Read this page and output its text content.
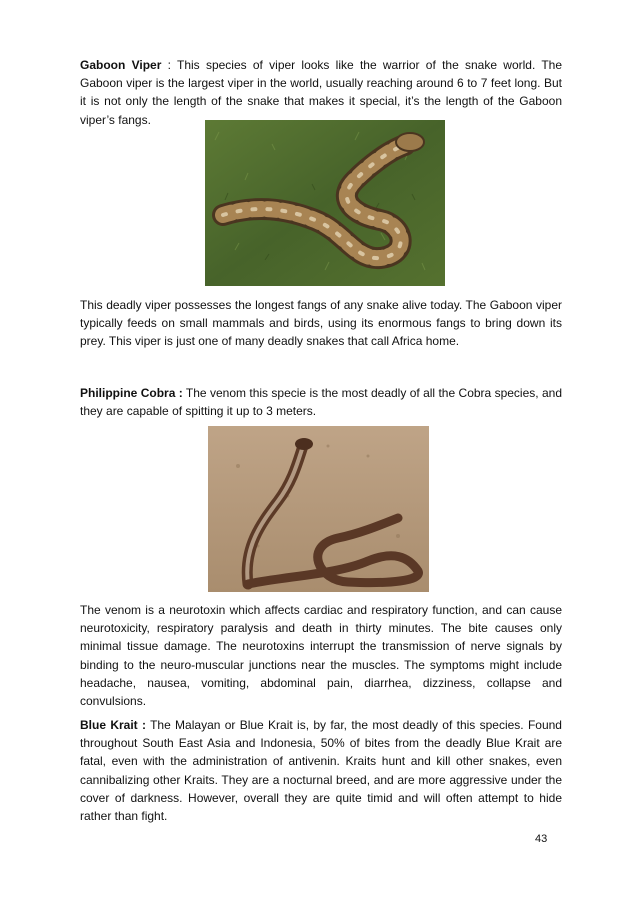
Gaboon Viper : This species of viper looks like the warrior of the snake world. The Gaboon viper is the largest viper in the world, usually reaching around 6 to 7 feet long. But it is not only the length of the snake that makes it special, it’s the length of the Gaboon viper’s fangs.

This deadly viper possesses the longest fangs of any snake alive today. The Gaboon viper typically feeds on small mammals and birds, using its enormous fangs to bring down its prey. This viper is just one of many deadly snakes that call Africa home.

Philippine Cobra : The venom this specie is the most deadly of all the Cobra species, and they are capable of spitting it up to 3 meters.

The venom is a neurotoxin which affects cardiac and respiratory function, and can cause neurotoxicity, respiratory paralysis and death in thirty minutes. The bite causes only minimal tissue damage. The neurotoxins interrupt the transmission of nerve signals by binding to the neuro-muscular junctions near the muscles. The symptoms might include headache, nausea, vomiting, abdominal pain, diarrhea, dizziness, collapse and convulsions.

Blue Krait : The Malayan or Blue Krait is, by far, the most deadly of this species. Found throughout South East Asia and Indonesia, 50% of bites from the deadly Blue Krait are fatal, even with the administration of antivenin. Kraits hunt and kill other snakes, even cannibalizing other Kraits. They are a nocturnal breed, and are more aggressive under the cover of darkness. However, overall they are quite timid and will often attempt to hide rather than fight.

43
